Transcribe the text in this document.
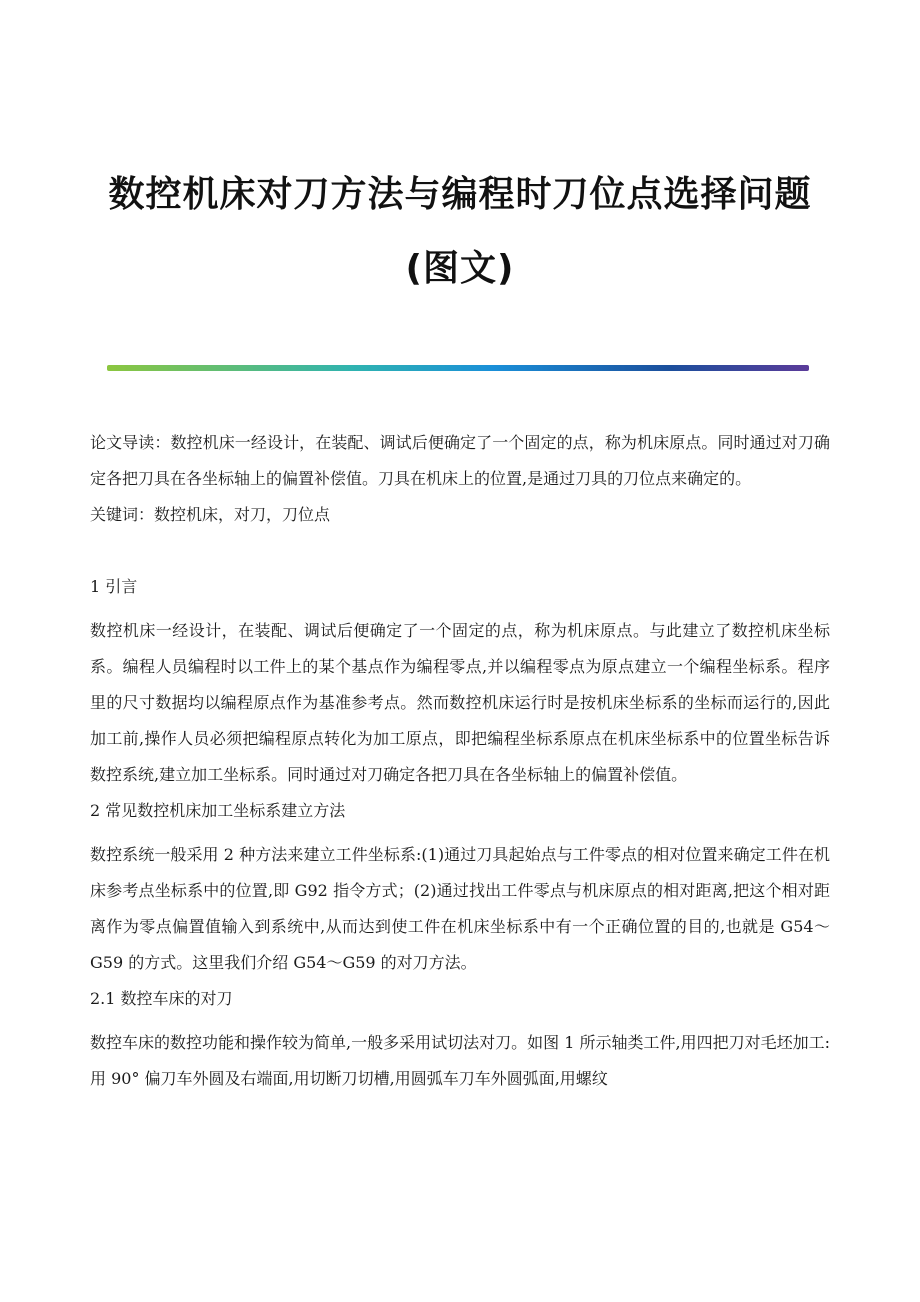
数控机床对刀方法与编程时刀位点选择问题
(图文)

论文导读：数控机床一经设计，在装配、调试后便确定了一个固定的点，称为机床原点。同时通过对刀确定各把刀具在各坐标轴上的偏置补偿值。刀具在机床上的位置,是通过刀具的刀位点来确定的。

关键词：数控机床，对刀，刀位点

1 引言

数控机床一经设计，在装配、调试后便确定了一个固定的点，称为机床原点。与此建立了数控机床坐标系。编程人员编程时以工件上的某个基点作为编程零点,并以编程零点为原点建立一个编程坐标系。程序里的尺寸数据均以编程原点作为基准参考点。然而数控机床运行时是按机床坐标系的坐标而运行的,因此加工前,操作人员必须把编程原点转化为加工原点，即把编程坐标系原点在机床坐标系中的位置坐标告诉数控系统,建立加工坐标系。同时通过对刀确定各把刀具在各坐标轴上的偏置补偿值。

2 常见数控机床加工坐标系建立方法

数控系统一般采用 2 种方法来建立工件坐标系:(1)通过刀具起始点与工件零点的相对位置来确定工件在机床参考点坐标系中的位置,即 G92 指令方式；(2)通过找出工件零点与机床原点的相对距离,把这个相对距离作为零点偏置值输入到系统中,从而达到使工件在机床坐标系中有一个正确位置的目的,也就是 G54～G59 的方式。这里我们介绍 G54～G59 的对刀方法。

2.1 数控车床的对刀

数控车床的数控功能和操作较为简单,一般多采用试切法对刀。如图 1 所示轴类工件,用四把刀对毛坯加工:用 90° 偏刀车外圆及右端面,用切断刀切槽,用圆弧车刀车外圆弧面,用螺纹
